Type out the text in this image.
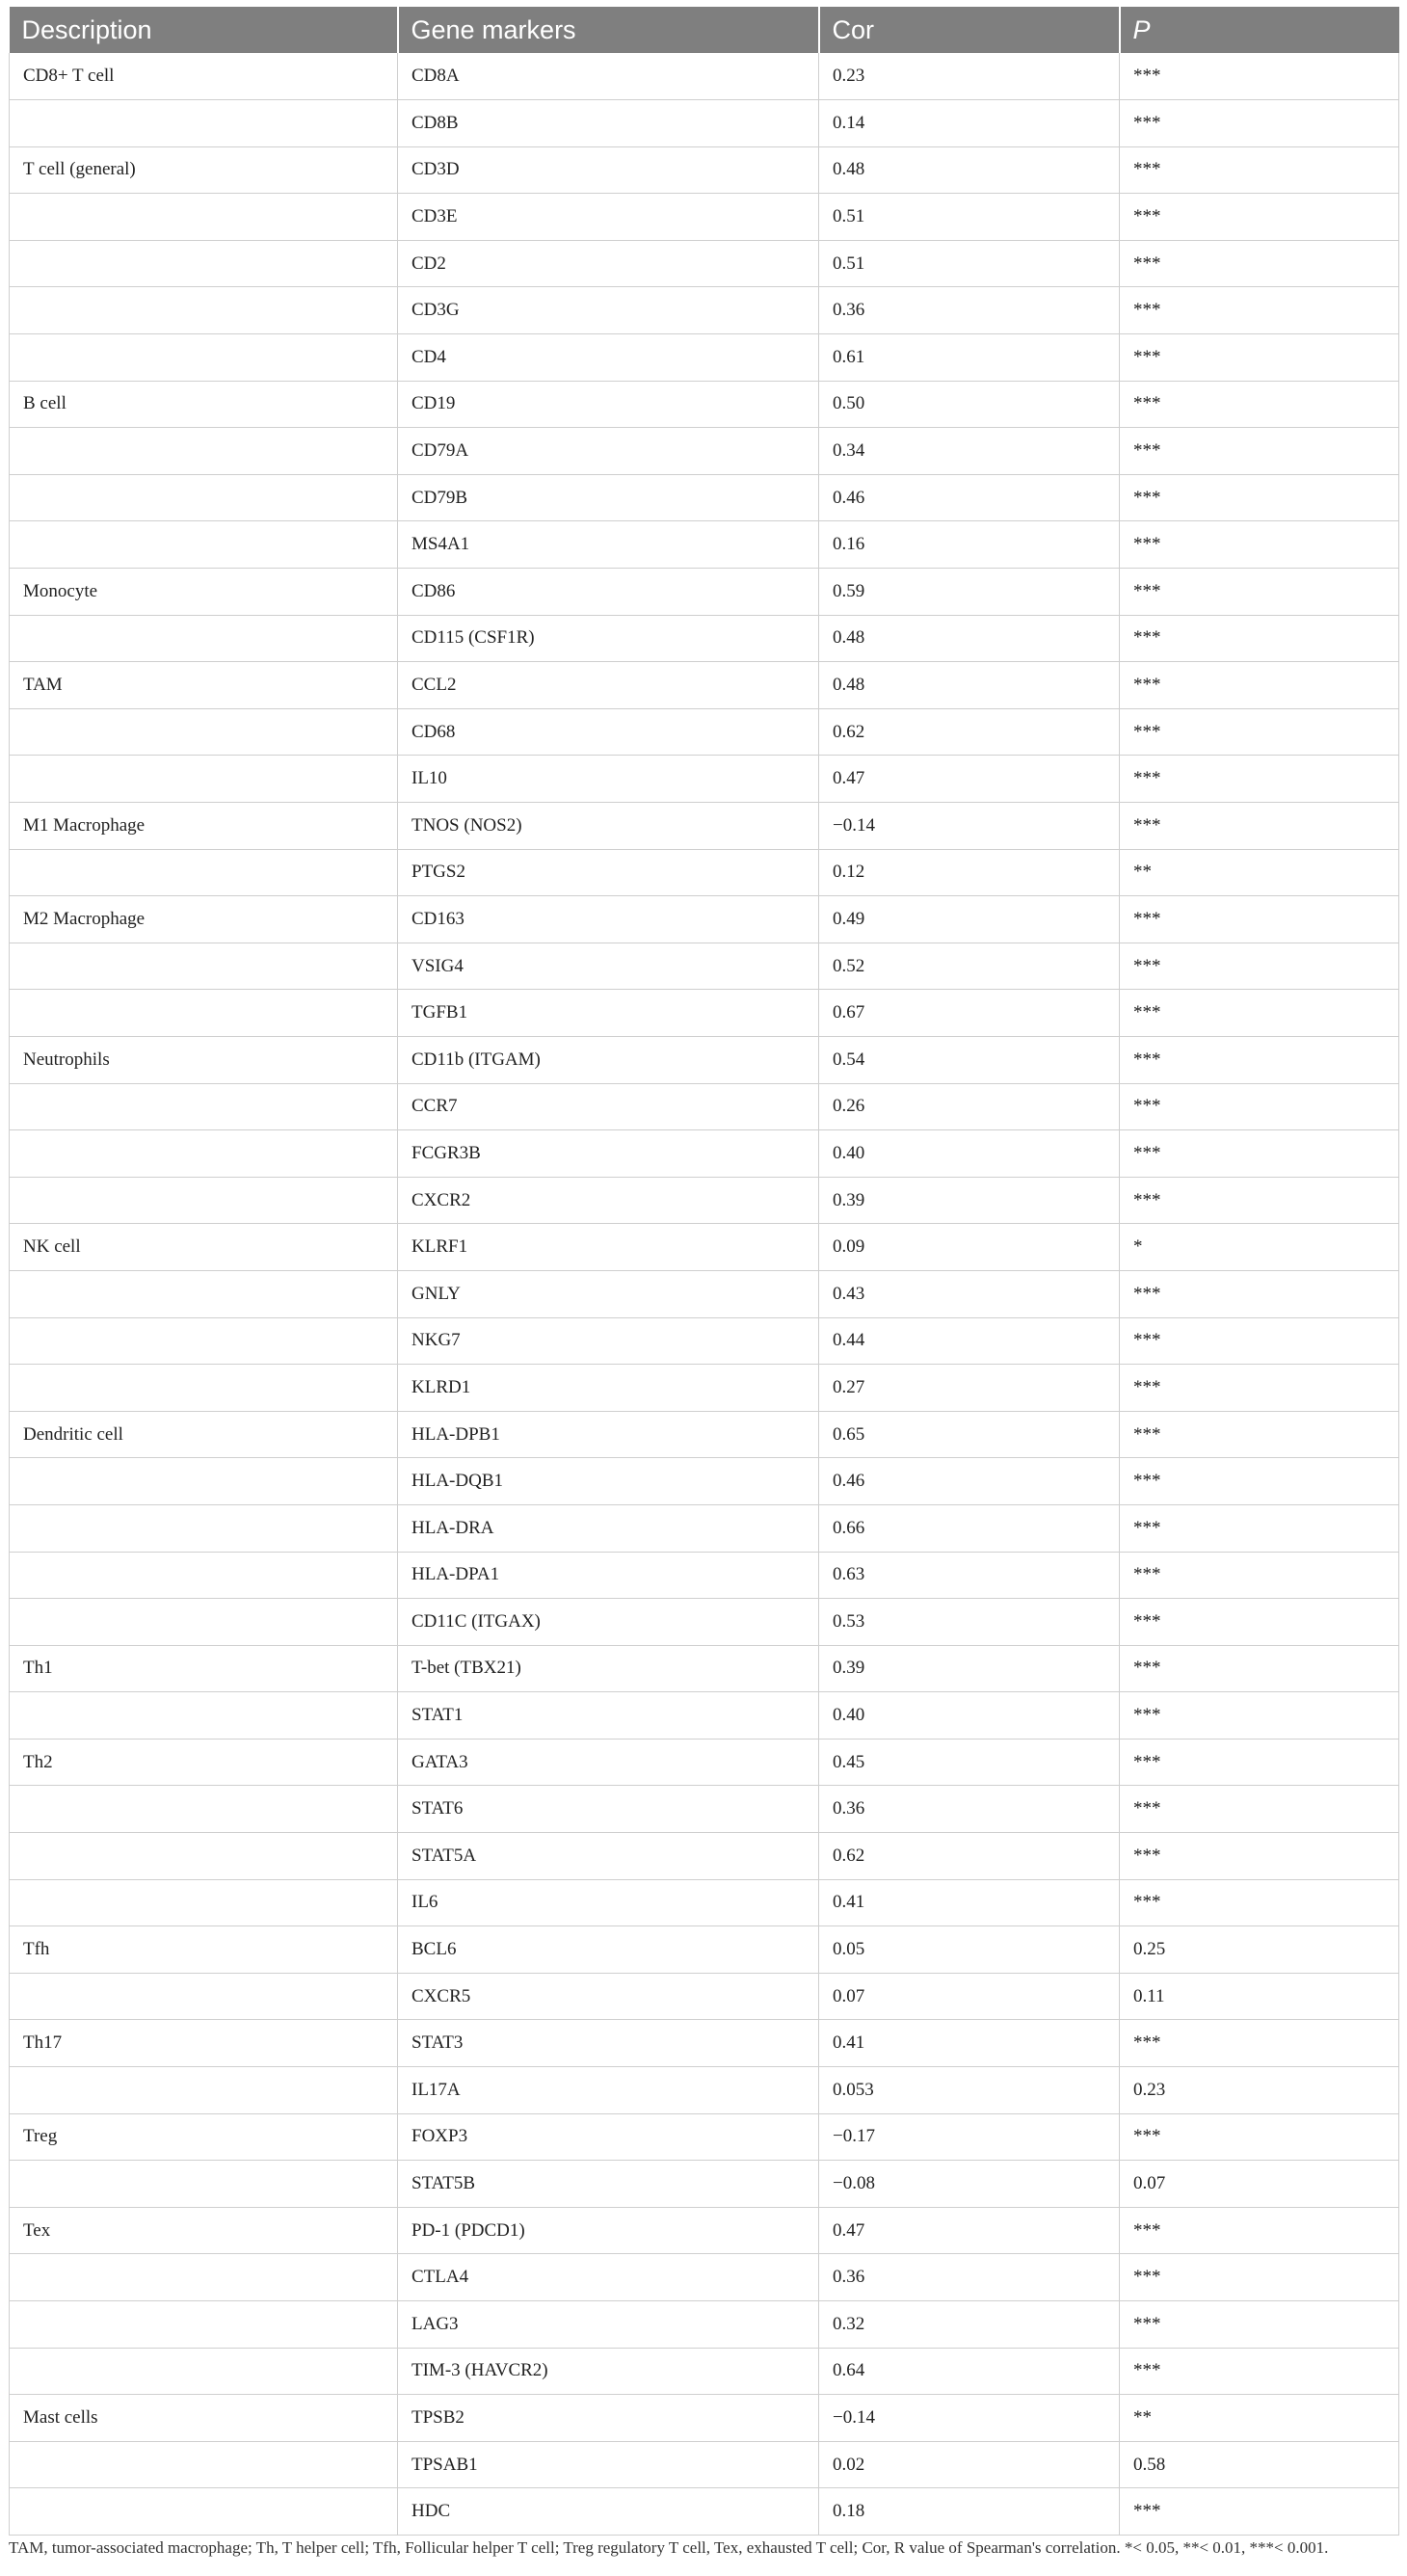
Description	Gene markers	Cor	P
CD8+ T cell	CD8A	0.23	***
	CD8B	0.14	***
T cell (general)	CD3D	0.48	***
	CD3E	0.51	***
	CD2	0.51	***
	CD3G	0.36	***
	CD4	0.61	***
B cell	CD19	0.50	***
	CD79A	0.34	***
	CD79B	0.46	***
	MS4A1	0.16	***
Monocyte	CD86	0.59	***
	CD115 (CSF1R)	0.48	***
TAM	CCL2	0.48	***
	CD68	0.62	***
	IL10	0.47	***
M1 Macrophage	TNOS (NOS2)	−0.14	***
	PTGS2	0.12	**
M2 Macrophage	CD163	0.49	***
	VSIG4	0.52	***
	TGFB1	0.67	***
Neutrophils	CD11b (ITGAM)	0.54	***
	CCR7	0.26	***
	FCGR3B	0.40	***
	CXCR2	0.39	***
NK cell	KLRF1	0.09	*
	GNLY	0.43	***
	NKG7	0.44	***
	KLRD1	0.27	***
Dendritic cell	HLA-DPB1	0.65	***
	HLA-DQB1	0.46	***
	HLA-DRA	0.66	***
	HLA-DPA1	0.63	***
	CD11C (ITGAX)	0.53	***
Th1	T-bet (TBX21)	0.39	***
	STAT1	0.40	***
Th2	GATA3	0.45	***
	STAT6	0.36	***
	STAT5A	0.62	***
	IL6	0.41	***
Tfh	BCL6	0.05	0.25
	CXCR5	0.07	0.11
Th17	STAT3	0.41	***
	IL17A	0.053	0.23
Treg	FOXP3	−0.17	***
	STAT5B	−0.08	0.07
Tex	PD-1 (PDCD1)	0.47	***
	CTLA4	0.36	***
	LAG3	0.32	***
	TIM-3 (HAVCR2)	0.64	***
Mast cells	TPSB2	−0.14	**
	TPSAB1	0.02	0.58
	HDC	0.18	***

TAM, tumor-associated macrophage; Th, T helper cell; Tfh, Follicular helper T cell; Treg regulatory T cell, Tex, exhausted T cell; Cor, R value of Spearman's correlation. *< 0.05, **< 0.01, ***< 0.001.
